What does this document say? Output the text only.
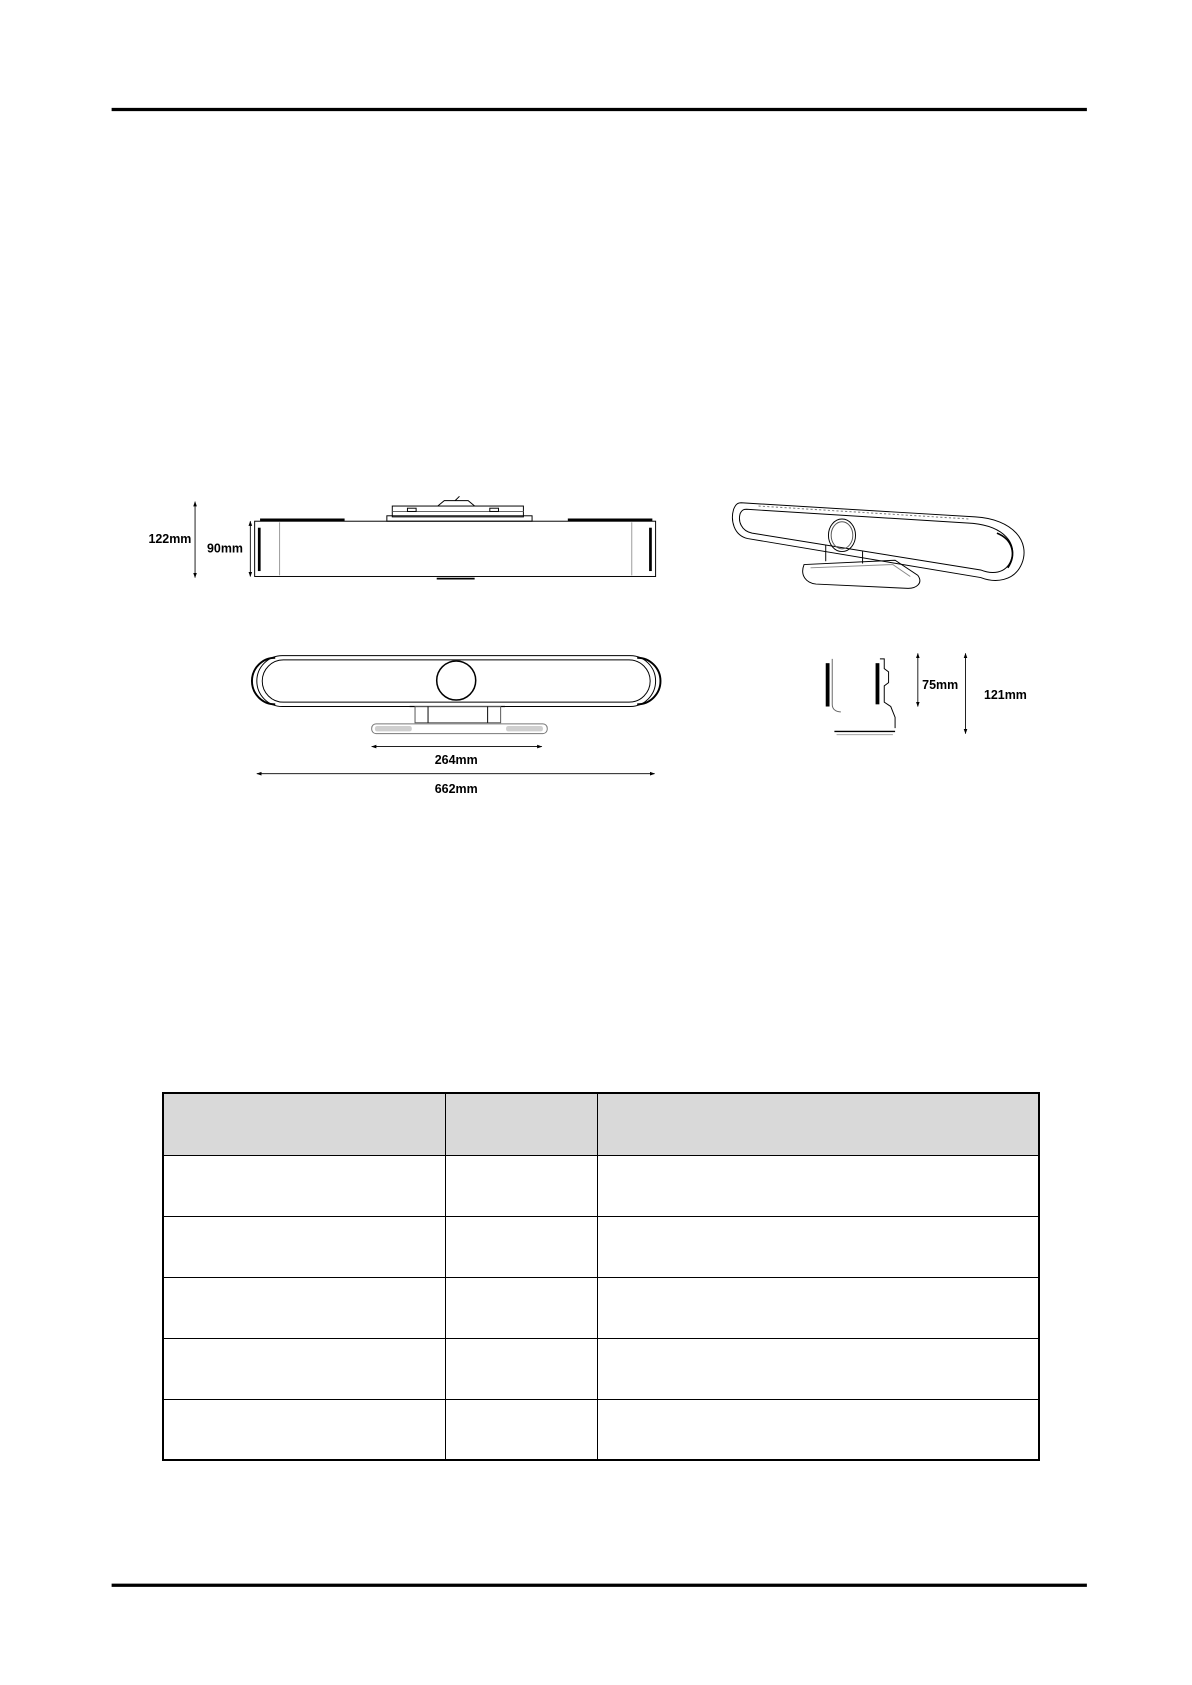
122mm
90mm
264mm
662mm
75mm
121mm
